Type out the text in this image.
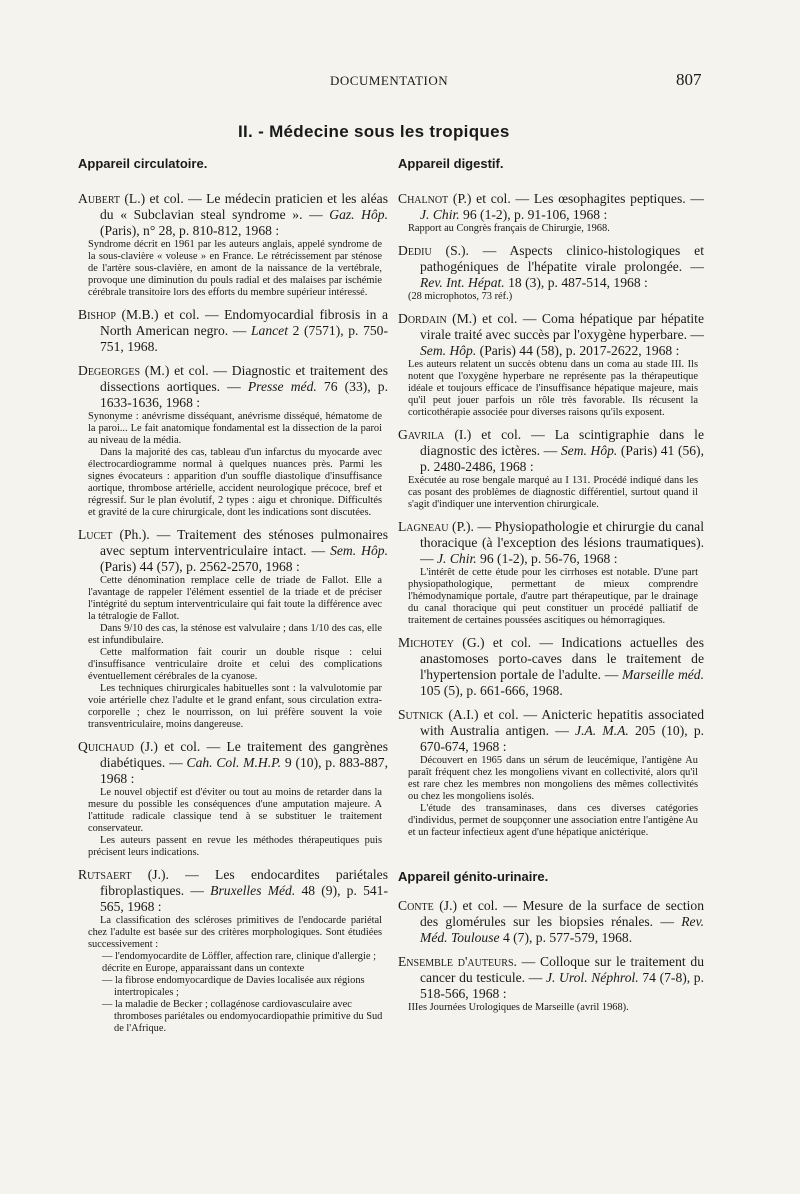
DOCUMENTATION	807
II. - Médecine sous les tropiques
Appareil circulatoire.
Aubert (L.) et col. — Le médecin praticien et les aléas du « Subclavian steal syndrome ». — Gaz. Hôp. (Paris), n° 28, p. 810-812, 1968 :
Syndrome décrit en 1961 par les auteurs anglais, appelé syndrome de la sous-clavière « voleuse » en France. Le rétrécissement par sténose de l'artère sous-clavière, en amont de la naissance de la vertébrale, provoque une diminution du pouls radial et des malaises par ischémie cérébrale transitoire lors des efforts du membre supérieur intéressé.
Bishop (M.B.) et col. — Endomyocardial fibrosis in a North American negro. — Lancet 2 (7571), p. 750-751, 1968.
Degeorges (M.) et col. — Diagnostic et traitement des dissections aortiques. — Presse méd. 76 (33), p. 1633-1636, 1968 :
Synonyme : anévrisme disséquant, anévrisme disséqué, hématome de la paroi... Le fait anatomique fondamental est la dissection de la paroi au niveau de la média.
Dans la majorité des cas, tableau d'un infarctus du myocarde avec électrocardiogramme normal à quelques nuances près. Parmi les signes évocateurs : apparition d'un souffle diastolique d'insuffisance aortique, thrombose artérielle, accident neurologique précoce, bref et régressif. Sur le plan évolutif, 2 types : aigu et chronique. Difficultés et gravité de la cure chirurgicale, dont les indications sont discutées.
Lucet (Ph.). — Traitement des sténoses pulmonaires avec septum interventriculaire intact. — Sem. Hôp. (Paris) 44 (57), p. 2562-2570, 1968 :
Cette dénomination remplace celle de triade de Fallot. Elle a l'avantage de rappeler l'élément essentiel de la triade et de préciser l'intégrité du septum interventriculaire qui fait toute la différence avec la tétralogie de Fallot.
Dans 9/10 des cas, la sténose est valvulaire ; dans 1/10 des cas, elle est infundibulaire.
Cette malformation fait courir un double risque : celui d'insuffisance ventriculaire droite et celui des complications éventuellement cérébrales de la cyanose.
Les techniques chirurgicales habituelles sont : la valvulotomie par voie artérielle chez l'adulte et le grand enfant, sous circulation extra-corporelle ; chez le nourrisson, on lui préfère souvent la voie transventriculaire, moins dangereuse.
Quichaud (J.) et col. — Le traitement des gangrènes diabétiques. — Cah. Col. M.H.P. 9 (10), p. 883-887, 1968 :
Le nouvel objectif est d'éviter ou tout au moins de retarder dans la mesure du possible les conséquences d'une amputation majeure. A l'attitude radicale classique tend à se substituer le traitement conservateur.
Les auteurs passent en revue les méthodes thérapeutiques puis précisent leurs indications.
Rutsaert (J.). — Les endocardites pariétales fibroplastiques. — Bruxelles Méd. 48 (9), p. 541-565, 1968 :
La classification des scléroses primitives de l'endocarde pariétal chez l'adulte est basée sur des critères morphologiques. Sont étudiées successivement :
— l'endomyocardite de Löffler, affection rare, clinique d'allergie ;
décrite en Europe, apparaissant dans un contexte
— la fibrose endomyocardique de Davies localisée aux régions intertropicales ;
— la maladie de Becker ; collagénose cardiovasculaire avec thromboses pariétales ou endomyocardiopathie primitive du Sud de l'Afrique.
Appareil digestif.
Chalnot (P.) et col. — Les œsophagites peptiques. — J. Chir. 96 (1-2), p. 91-106, 1968 :
Rapport au Congrès français de Chirurgie, 1968.
Dediu (S.). — Aspects clinico-histologiques et pathogéniques de l'hépatite virale prolongée. — Rev. Int. Hépat. 18 (3), p. 487-514, 1968 :
(28 microphotos, 73 réf.)
Dordain (M.) et col. — Coma hépatique par hépatite virale traité avec succès par l'oxygène hyperbare. — Sem. Hôp. (Paris) 44 (58), p. 2017-2622, 1968 :
Les auteurs relatent un succès obtenu dans un coma au stade III. Ils notent que l'oxygène hyperbare ne représente pas la thérapeutique idéale et toujours efficace de l'insuffisance hépatique majeure, mais qu'il peut jouer parfois un rôle très favorable. Ils récusent la corticothérapie associée pour diverses raisons qu'ils exposent.
Gavrila (I.) et col. — La scintigraphie dans le diagnostic des ictères. — Sem. Hôp. (Paris) 41 (56), p. 2480-2486, 1968 :
Exécutée au rose bengale marqué au I 131. Procédé indiqué dans les cas posant des problèmes de diagnostic différentiel, surtout quand il s'agit d'indiquer une intervention chirurgicale.
Lagneau (P.). — Physiopathologie et chirurgie du canal thoracique (à l'exception des lésions traumatiques). — J. Chir. 96 (1-2), p. 56-76, 1968 :
L'intérêt de cette étude pour les cirrhoses est notable. D'une part physiopathologique, permettant de mieux comprendre l'hémodynamique portale, d'autre part thérapeutique, par le drainage du canal thoracique qui peut constituer un procédé palliatif de traitement de certaines poussées ascitiques ou hémorragiques.
Michotey (G.) et col. — Indications actuelles des anastomoses porto-caves dans le traitement de l'hypertension portale de l'adulte. — Marseille méd. 105 (5), p. 661-666, 1968.
Sutnick (A.I.) et col. — Anicteric hepatitis associated with Australia antigen. — J.A. M.A. 205 (10), p. 670-674, 1968 :
Découvert en 1965 dans un sérum de leucémique, l'antigène Au paraît fréquent chez les mongoliens vivant en collectivité, alors qu'il est rare chez les membres non mongoliens des mêmes collectivités ou chez les mongoliens isolés.
L'étude des transaminases, dans ces diverses catégories d'individus, permet de soupçonner une association entre l'antigène Au et un facteur infectieux agent d'une hépatique anictérique.
Appareil génito-urinaire.
Conte (J.) et col. — Mesure de la surface de section des glomérules sur les biopsies rénales. — Rev. Méd. Toulouse 4 (7), p. 577-579, 1968.
Ensemble d'auteurs. — Colloque sur le traitement du cancer du testicule. — J. Urol. Néphrol. 74 (7-8), p. 518-566, 1968 :
IIIes Journées Urologiques de Marseille (avril 1968).
